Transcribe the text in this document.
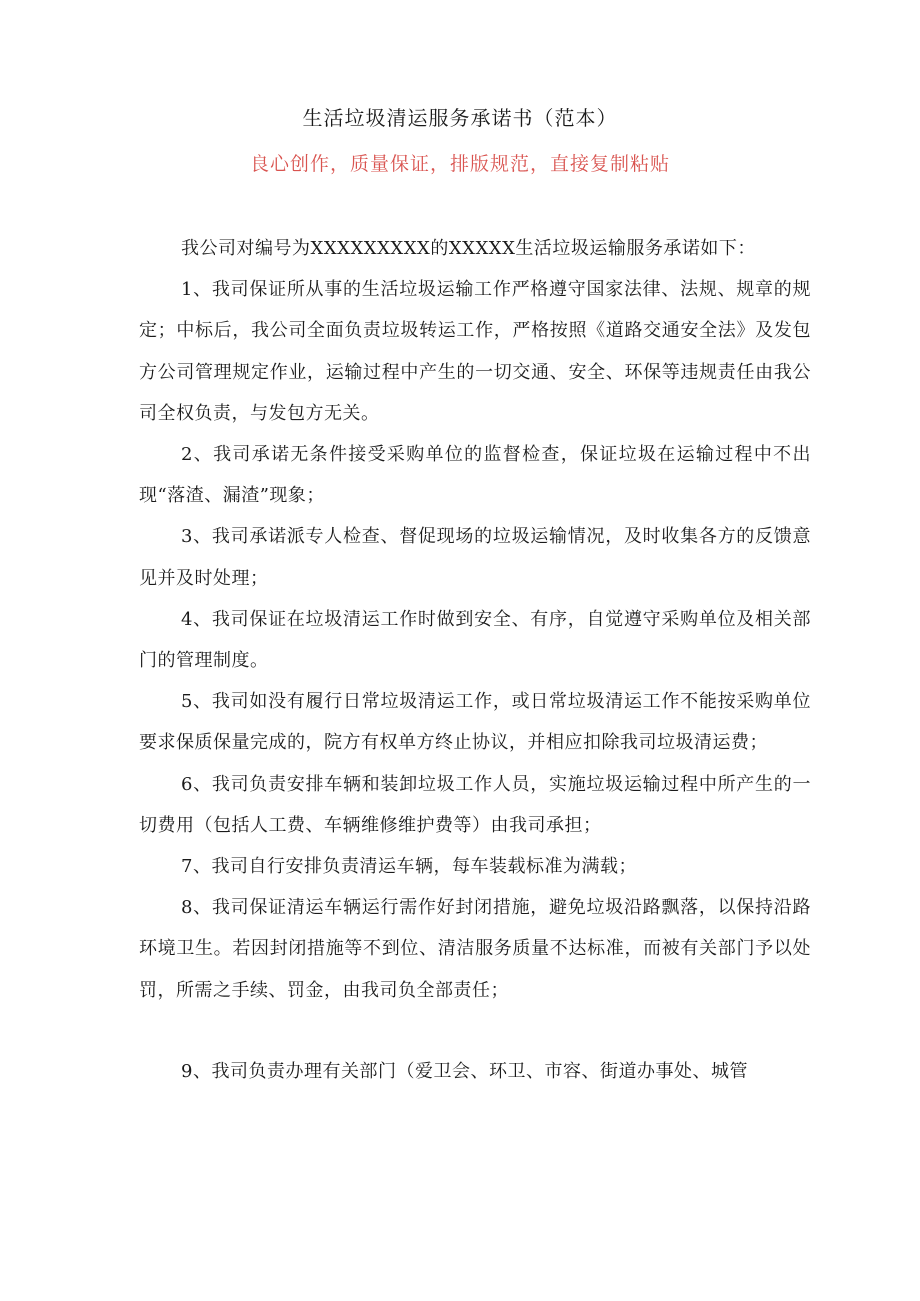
生活垃圾清运服务承诺书（范本）
良心创作，质量保证，排版规范，直接复制粘贴

我公司对编号为XXXXXXXXX的XXXXX生活垃圾运输服务承诺如下：

1、我司保证所从事的生活垃圾运输工作严格遵守国家法律、法规、规章的规定；中标后，我公司全面负责垃圾转运工作，严格按照《道路交通安全法》及发包方公司管理规定作业，运输过程中产生的一切交通、安全、环保等违规责任由我公司全权负责，与发包方无关。

2、我司承诺无条件接受采购单位的监督检查，保证垃圾在运输过程中不出现“落渣、漏渣”现象；

3、我司承诺派专人检查、督促现场的垃圾运输情况，及时收集各方的反馈意见并及时处理；

4、我司保证在垃圾清运工作时做到安全、有序，自觉遵守采购单位及相关部门的管理制度。

5、我司如没有履行日常垃圾清运工作，或日常垃圾清运工作不能按采购单位要求保质保量完成的，院方有权单方终止协议，并相应扣除我司垃圾清运费；

6、我司负责安排车辆和装卸垃圾工作人员，实施垃圾运输过程中所产生的一切费用（包括人工费、车辆维修维护费等）由我司承担；

7、我司自行安排负责清运车辆，每车装载标准为满载；

8、我司保证清运车辆运行需作好封闭措施，避免垃圾沿路飘落，以保持沿路环境卫生。若因封闭措施等不到位、清洁服务质量不达标准，而被有关部门予以处罚，所需之手续、罚金，由我司负全部责任；

9、我司负责办理有关部门（爱卫会、环卫、市容、街道办事处、城管
